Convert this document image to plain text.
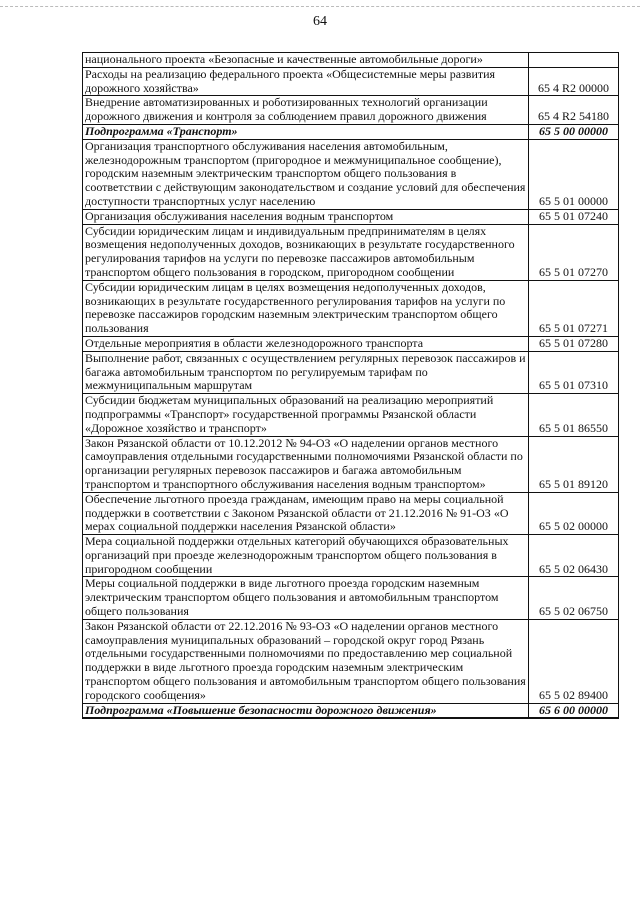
64
национального проекта «Безопасные и качественные автомобильные дороги»	
Расходы на реализацию федерального проекта «Общесистемные меры развития дорожного хозяйства»	65 4 R2 00000
Внедрение автоматизированных и роботизированных технологий организации дорожного движения и контроля за соблюдением правил дорожного движения	65 4 R2 54180
Подпрограмма «Транспорт»	65 5 00 00000
Организация транспортного обслуживания населения автомобильным, железнодорожным транспортом (пригородное и межмуниципальное сообщение), городским наземным электрическим транспортом общего пользования в соответствии с действующим законодательством и создание условий для обеспечения доступности транспортных услуг населению	65 5 01 00000
Организация обслуживания населения водным транспортом	65 5 01 07240
Субсидии юридическим лицам и индивидуальным предпринимателям в целях возмещения недополученных доходов, возникающих в результате государственного регулирования тарифов на услуги по перевозке пассажиров автомобильным транспортом общего пользования в городском, пригородном сообщении	65 5 01 07270
Субсидии юридическим лицам в целях возмещения недополученных доходов, возникающих в результате государственного регулирования тарифов на услуги по перевозке пассажиров городским наземным электрическим транспортом общего пользования	65 5 01 07271
Отдельные мероприятия в области железнодорожного транспорта	65 5 01 07280
Выполнение работ, связанных с осуществлением регулярных перевозок пассажиров и багажа автомобильным транспортом по регулируемым тарифам по межмуниципальным маршрутам	65 5 01 07310
Субсидии бюджетам муниципальных образований на реализацию мероприятий подпрограммы «Транспорт» государственной программы Рязанской области «Дорожное хозяйство и транспорт»	65 5 01 86550
Закон Рязанской области от 10.12.2012 № 94-ОЗ «О наделении органов местного самоуправления отдельными государственными полномочиями Рязанской области по организации регулярных перевозок пассажиров и багажа автомобильным транспортом и транспортного обслуживания населения водным транспортом»	65 5 01 89120
Обеспечение льготного проезда гражданам, имеющим право на меры социальной поддержки в соответствии с Законом Рязанской области от 21.12.2016 № 91-ОЗ «О мерах социальной поддержки населения Рязанской области»	65 5 02 00000
Мера социальной поддержки отдельных категорий обучающихся образовательных организаций при проезде железнодорожным транспортом общего пользования в пригородном сообщении	65 5 02 06430
Меры социальной поддержки в виде льготного проезда городским наземным электрическим транспортом общего пользования и автомобильным транспортом общего пользования	65 5 02 06750
Закон Рязанской области от 22.12.2016 № 93-ОЗ «О наделении органов местного самоуправления муниципальных образований – городской округ город Рязань отдельными государственными полномочиями по предоставлению мер социальной поддержки в виде льготного проезда городским наземным электрическим транспортом общего пользования и автомобильным транспортом общего пользования городского сообщения»	65 5 02 89400
Подпрограмма «Повышение безопасности дорожного движения»	65 6 00 00000
